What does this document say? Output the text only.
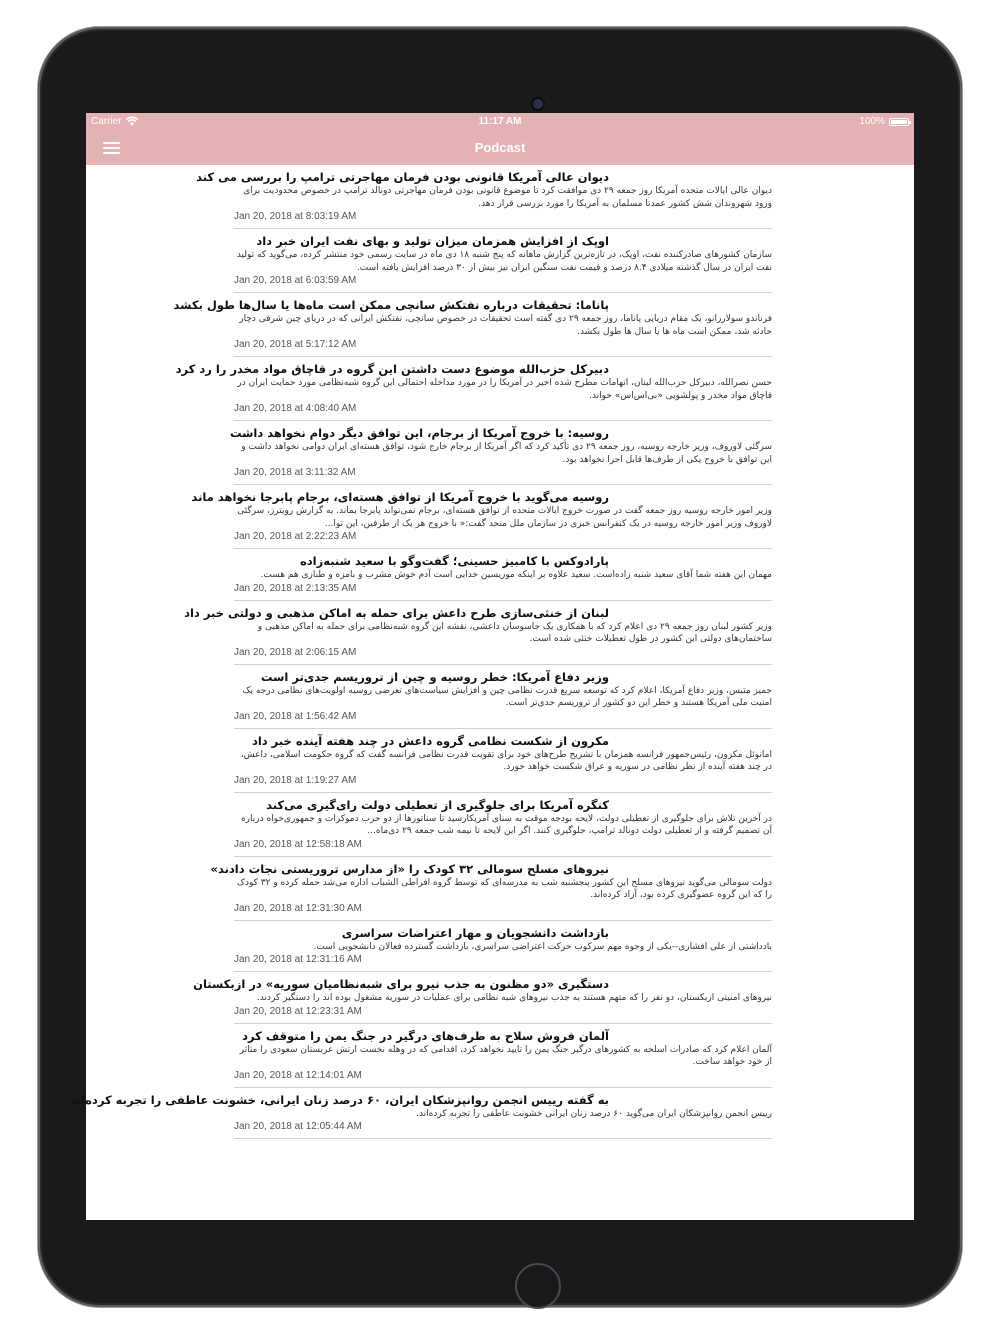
Carrier	11:17 AM	100%
Podcast
دیوان عالی آمریکا قانونی بودن فرمان مهاجرتی ترامپ را بررسی می کند
دیوان عالی ایالات متحده آمریکا روز جمعه ۲۹ دی موافقت کرد تا موضوع قانونی بودن فرمان مهاجرتی دونالد ترامپ در خصوص محدودیت برای ورود شهروندان شش کشور عمدتا مسلمان به آمریکا را مورد بررسی قرار دهد.
Jan 20, 2018 at 8:03:19 AM
اوپک از افزایش همزمان میزان تولید و بهای نفت ایران خبر داد
سازمان کشورهای صادرکننده نفت، اوپک، در تازه‌ترین گزارش ماهانه که پنج شنبه ۱۸ دی ماه در سایت رسمی خود منتشر کرده، می‌گوید که تولید نفت ایران در سال گذشته میلادی ۸.۴ درصد و قیمت نفت سنگین ایران نیز بیش از ۳۰ درصد افزایش یافته است.
Jan 20, 2018 at 6:03:59 AM
پاناما: تحقیقات درباره نفتکش سانچی ممکن است ماه‌ها یا سال‌ها طول بکشد
فرناندو سولارزانو، یک مقام دریایی پاناما، روز جمعه ۲۹ دی گفته است تحقیقات در خصوص سانچی، نفتکش ایرانی که در دریای چین شرقی دچار حادثه شد، ممکن است ماه ها یا سال ها طول بکشد.
Jan 20, 2018 at 5:17:12 AM
دبیرکل حزب‌الله موضوع دست داشتن این گروه در قاچاق مواد مخدر را رد کرد
حسن نصرالله، دبیرکل حزب‌الله لبنان، اتهامات مطرح شده اخیر در آمریکا را در مورد مداخله احتمالی این گروه شبه‌نظامی مورد حمایت ایران در قاچاق مواد مخدر و پولشویی «بی‌اس‌اس» خواند.
Jan 20, 2018 at 4:08:40 AM
روسیه: با خروج آمریکا از برجام، این توافق دیگر دوام نخواهد داشت
سرگئی لاوروف، وزیر خارجه روسیه، روز جمعه ۲۹ دی تأکید کرد که اگر آمریکا از برجام خارج شود، توافق هسته‌ای ایران دوامی نخواهد داشت و این توافق با خروج یکی از طرف‌ها قابل اجرا نخواهد بود.
Jan 20, 2018 at 3:11:32 AM
روسیه می‌گوید با خروج آمریکا از توافق هسته‌ای، برجام پابرجا نخواهد ماند
وزیر امور خارجه روسیه روز جمعه گفت در صورت خروج ایالات متحده از توافق هسته‌ای، برجام نمی‌تواند پابرجا بماند. به گزارش رویترز، سرگئی لاوروف وزیر امور خارجه روسیه در یک کنفرانس خبری در سازمان ملل متحد گفت:« با خروج هر یک از طرفین، این توا...
Jan 20, 2018 at 2:22:23 AM
پارادوکس با کامبیز حسینی؛ گفت‌وگو با سعید شنبه‌زاده
مهمان این هفته شما آقای سعید شنبه زاده‌است. سعید علاوه بر اینکه موزیسین خدایی است آدم خوش مشرب و بامزه و طنازی هم هست.
Jan 20, 2018 at 2:13:35 AM
لبنان از خنثی‌سازی طرح داعش برای حمله به اماکن مذهبی و دولتی خبر داد
وزیر کشور لبنان روز جمعه ۲۹ دی اعلام کرد که با همکاری یک جاسوسان داعشی، نقشه این گروه شبه‌نظامی برای حمله به اماکن مذهبی و ساختمان‌های دولتی این کشور در طول تعطیلات خنثی شده است.
Jan 20, 2018 at 2:06:15 AM
وزیر دفاع آمریکا: خطر روسیه و چین از تروریسم جدی‌تر است
جمیز متیس، وزیر دفاع آمریکا، اعلام کرد که توسعه سریع قدرت نظامی چین و افزایش سیاست‌های تعرضی روسیه اولویت‌های نظامی درجه یک امنیت ملی آمریکا هستند و خطر این دو کشور از تروریسم جدی‌تر است.
Jan 20, 2018 at 1:56:42 AM
مکرون از شکست نظامی گروه داعش در چند هفته آینده خبر داد
امانوئل مکرون، رئیس‌جمهور فرانسه همزمان با تشریح طرح‌های خود برای تقویت قدرت نظامی فرانسه گفت که گروه حکومت اسلامی، داعش، در چند هفته آینده از نظر نظامی در سوریه و عراق شکست خواهد خورد.
Jan 20, 2018 at 1:19:27 AM
کنگره آمریکا برای جلوگیری از تعطیلی دولت رای‌گیری می‌کند
در آخرین تلاش برای جلوگیری از تعطیلی دولت، لایحه بودجه موقت به سنای آمریکارسید تا سناتورها از دو حزب دموکرات و جمهوری‌خواه درباره آن تصمیم گرفته و از تعطیلی دولت دونالد ترامپ، جلوگیری کنند. اگر این لایحه تا نیمه شب جمعه ۲۹ دی‌ماه...
Jan 20, 2018 at 12:58:18 AM
نیروهای مسلح سومالی ۳۲ کودک را «از مدارس تروریستی نجات دادند»
دولت سومالی می‌گوید نیروهای مسلح این کشور پنجشنبه شب به مدرسه‌ای که توسط گروه افراطی الشباب اداره می‌شد حمله کرده و ۳۲ کودک را که این گروه عضوگیری کرده بود، آزاد کرده‌اند.
Jan 20, 2018 at 12:31:30 AM
بازداشت دانشجویان و مهار اعتراضات سراسری
یادداشتی از علی افشاری--یکی از وجوه مهم سرکوب حرکت اعتراضی سراسری، بازداشت گسترده فعالان دانشجویی است.
Jan 20, 2018 at 12:31:16 AM
دستگیری «دو مظنون به جذب نیرو برای شبه‌نظامیان سوریه» در ازبکستان
نیروهای امنیتی ازبکستان، دو نفر را که متهم هستند به جذب نیروهای شبه نظامی برای عملیات در سوریه مشغول بوده اند را دستگیر کردند.
Jan 20, 2018 at 12:23:31 AM
آلمان فروش سلاح به طرف‌های درگیر در جنگ یمن را متوقف کرد
آلمان اعلام کرد که صادرات اسلحه به کشورهای درگیر جنگ یمن را تایید نخواهد کرد، اقدامی که در وهله نخست ارتش عربستان سعودی را متاثر از خود خواهد ساخت.
Jan 20, 2018 at 12:14:01 AM
به گفته رییس انجمن روانپزشکان ایران، ۶۰ درصد زنان ایرانی، خشونت عاطفی را تجربه کرده‌اند
رییس انجمن روانپزشکان ایران می‌گوید ۶۰ درصد زنان ایرانی خشونت عاطفی را تجربه کرده‌اند.
Jan 20, 2018 at 12:05:44 AM
